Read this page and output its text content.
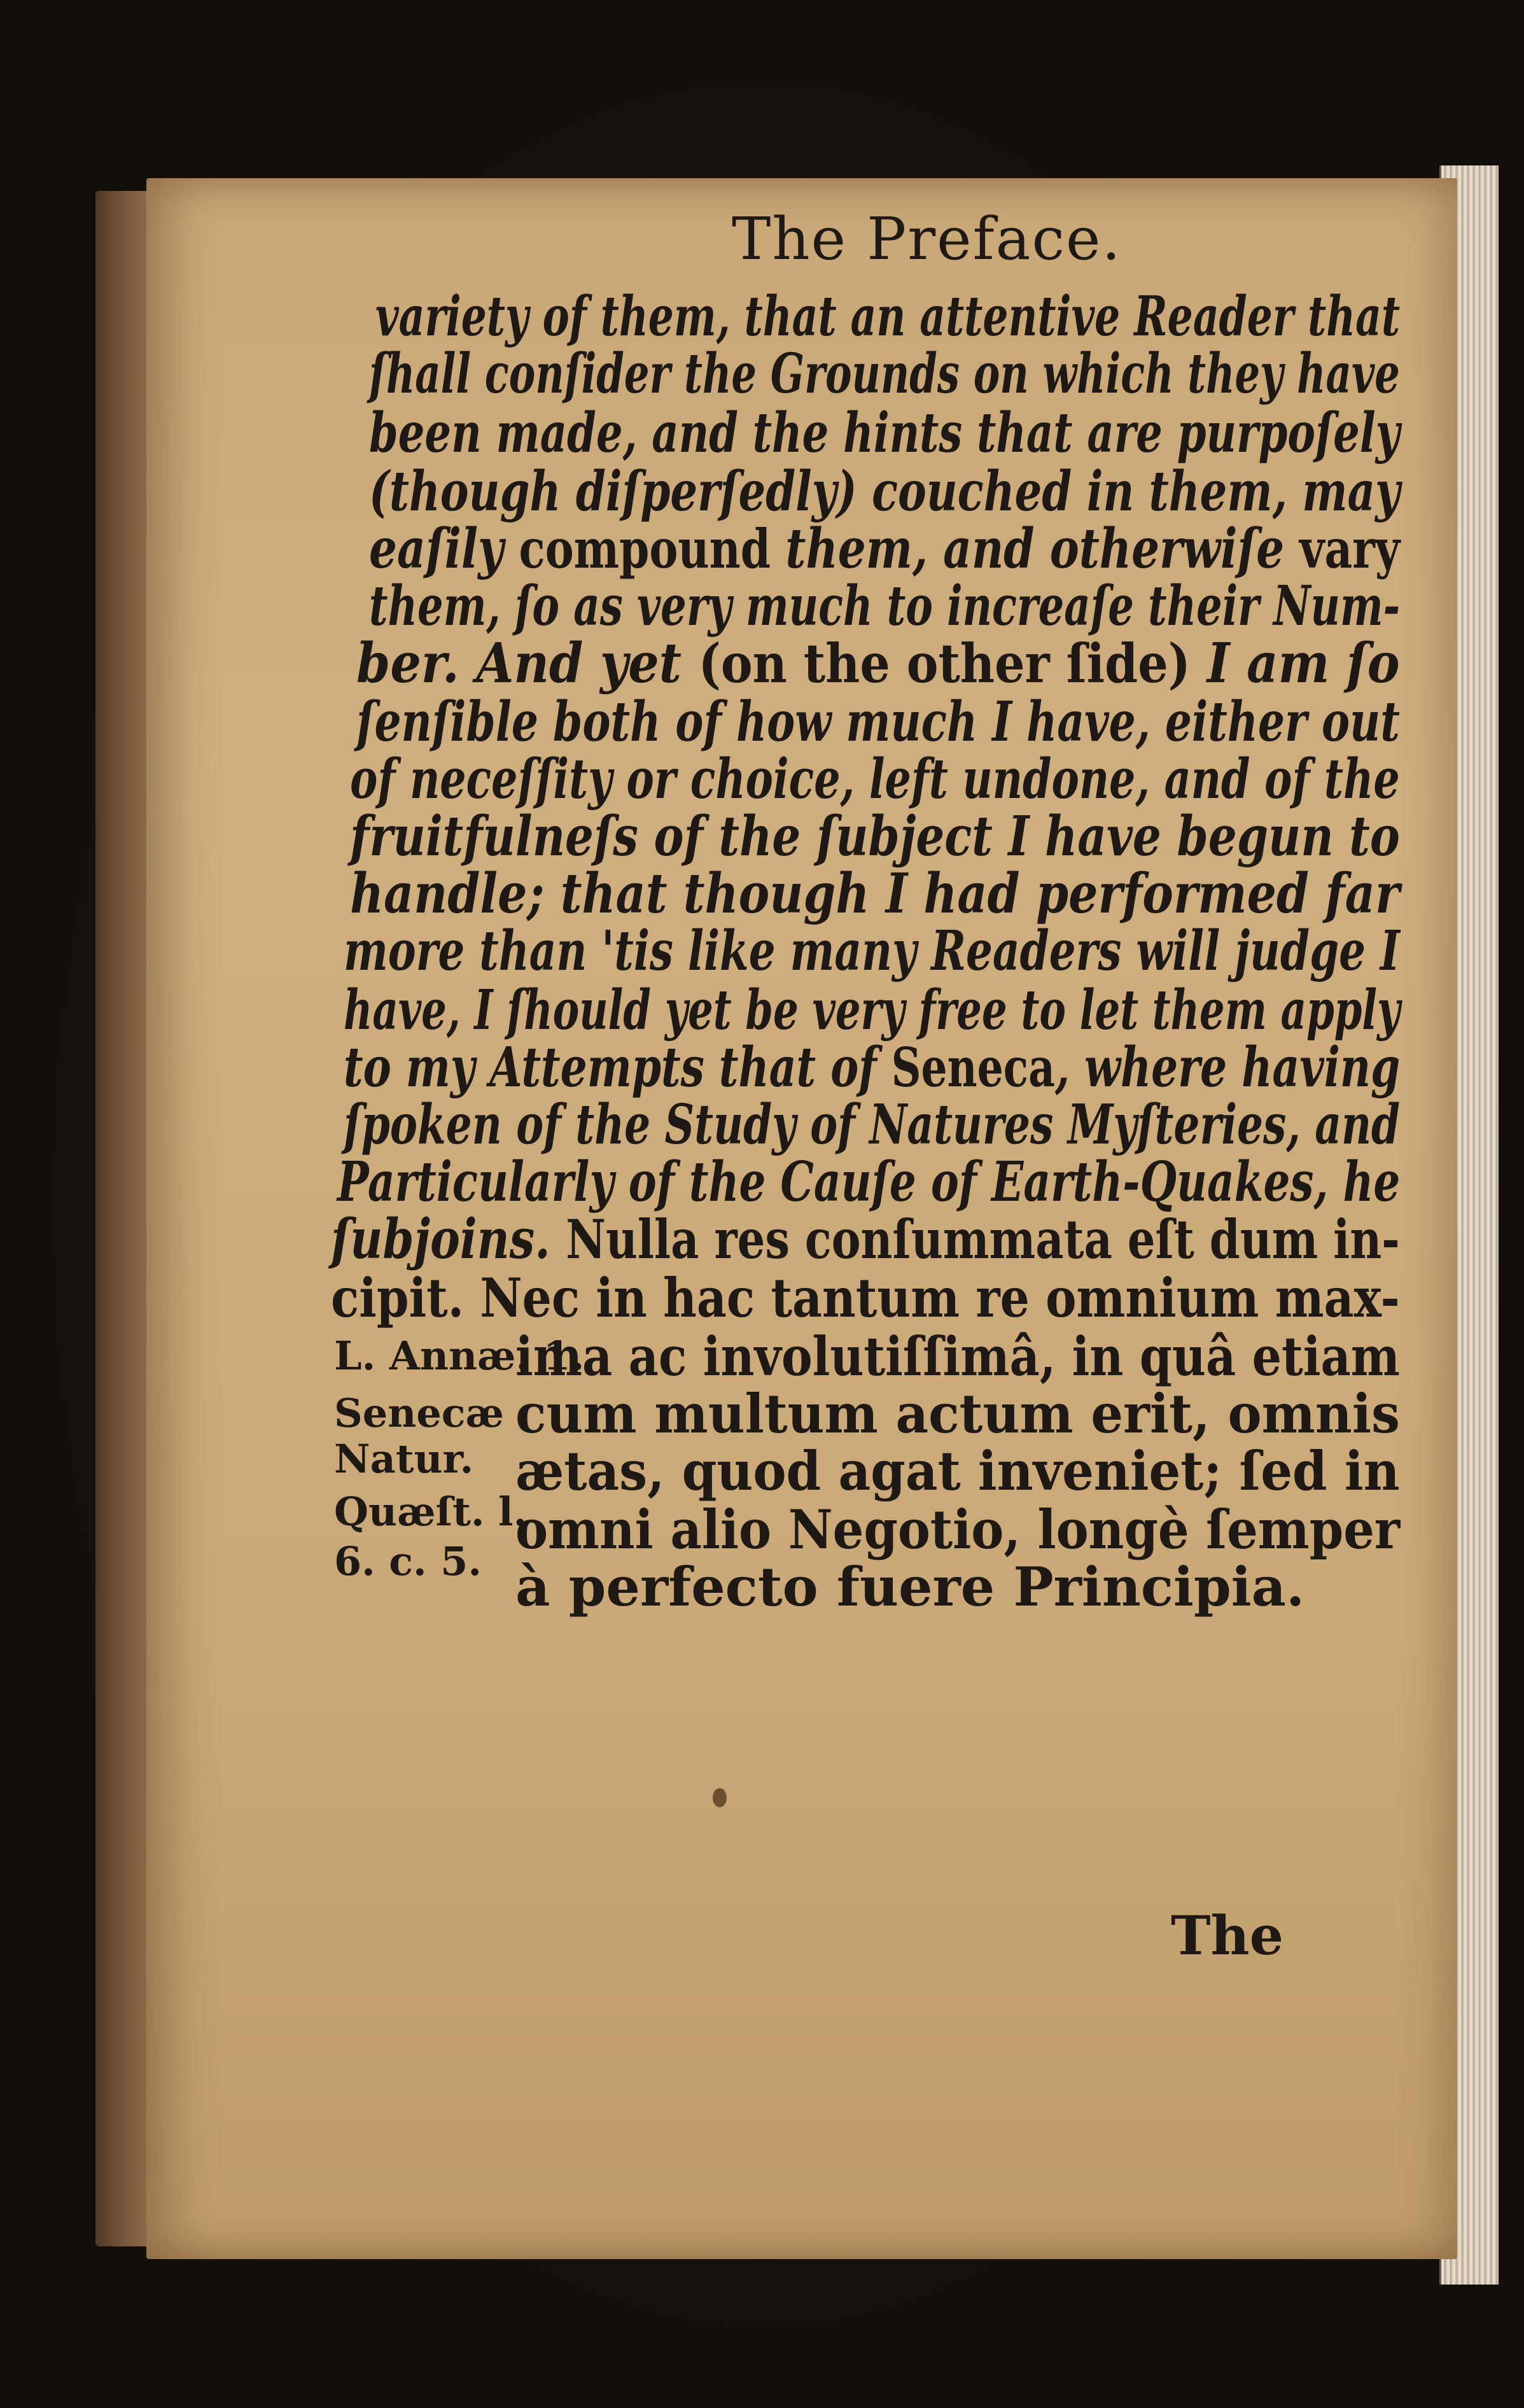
The Preface.
variety of them, that an attentive Reader that
ſhall conſider the Grounds on which they have
been made, and the hints that are purpoſely
(though diſperſedly) couched in them, may
eaſily compound them, and otherwiſe vary
them, ſo as very much to increaſe their Num-
ber. And yet (on the other ſide) I am ſo
ſenſible both of how much I have, either out
of neceſſity or choice, left undone, and of the
fruitfulneſs of the ſubject I have begun to
handle; that though I had performed far
more than 'tis like many Readers will judge I
have, I ſhould yet be very free to let them apply
to my Attempts that of Seneca, where having
ſpoken of the Study of Natures Myſteries, and
Particularly of the Cauſe of Earth-Quakes, he
ſubjoins. Nulla res conſummata eſt dum in-
cipit. Nec in hac tantum re omnium max-
ima ac involutiſſimâ, in quâ etiam
cum multum actum erit, omnis
ætas, quod agat inveniet; ſed in
omni alio Negotio, longè ſemper
à perfecto fuere Principia.
L. Annæ. 1.
Senecæ
Natur.
Quæſt. l.
6. c. 5.
The
